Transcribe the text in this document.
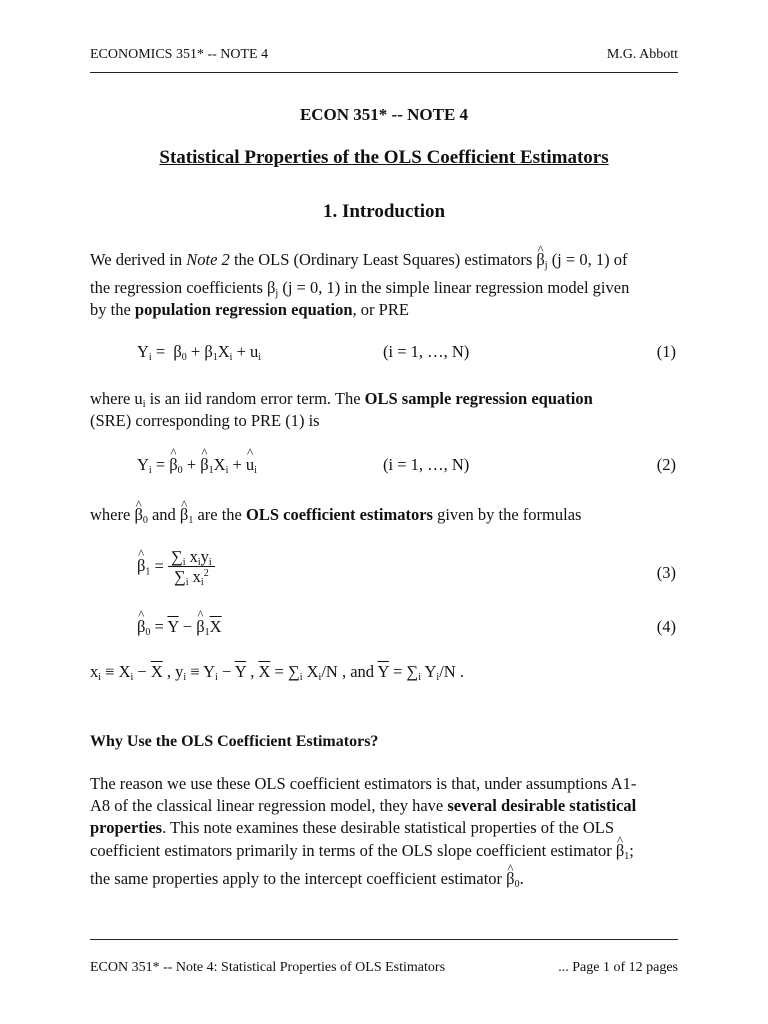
ECONOMICS 351* -- NOTE 4	M.G. Abbott
ECON 351* -- NOTE 4
Statistical Properties of the OLS Coefficient Estimators
1. Introduction
We derived in Note 2 the OLS (Ordinary Least Squares) estimators ^ $\beta_j$ (j = 0, 1) of
the regression coefficients $\beta_j$ (j = 0, 1) in the simple linear regression model given
by the population regression equation, or PRE
$Y_i = \beta_0 + \beta_1X_i + u_i$	(i = 1, …, N)	(1)
where $u_i$ is an iid random error term. The OLS sample regression equation
(SRE) corresponding to PRE (1) is
$Y_i$ = ^ $\beta_0$ + ^ $\beta_1X_i$ + ^ $u_i$	(i = 1, …, N)	(2)
where ^ $\beta_0$ and ^ $\beta_1$ are the OLS coefficient estimators given by the formulas
^ $\beta_1 = \frac{\sum_i x_iy_i}{\sum_i x_i^2}$	(3)
^ $\beta_0 = \overline{Y}$ − ^ $\beta_1\overline{X}$	(4)
$x_i \equiv X_i - \overline{X}$ , $y_i \equiv Y_i - \overline{Y}$ , $\overline{X} = \sum_i$ $X_i/N$ , and $\overline{Y} = \sum_i$ $Y_i/N$ .
Why Use the OLS Coefficient Estimators?
The reason we use these OLS coefficient estimators is that, under assumptions A1-
A8 of the classical linear regression model, they have several desirable statistical
properties. This note examines these desirable statistical properties of the OLS
coefficient estimators primarily in terms of the OLS slope coefficient estimator ^ $\beta_1$;
the same properties apply to the intercept coefficient estimator ^ $\beta_0$.
ECON 351* -- Note 4: Statistical Properties of OLS Estimators	... Page 1 of 12 pages
